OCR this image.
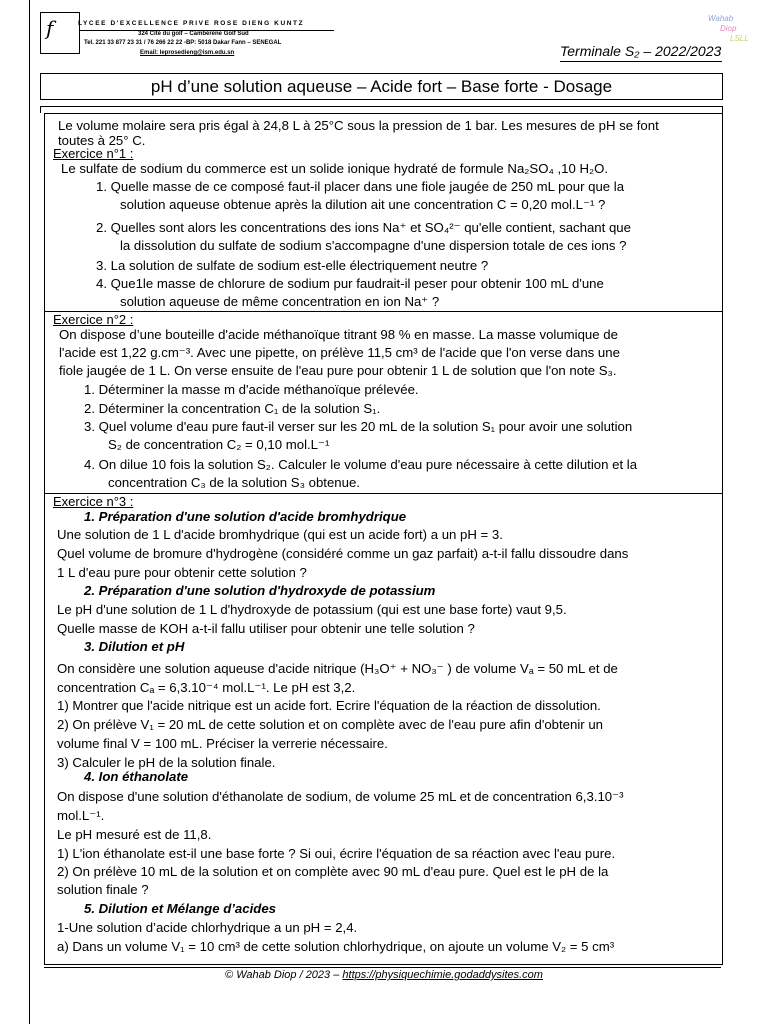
f	LYCEE D'EXCELLENCE PRIVE ROSE DIENG KUNTZ
324 Cité du golf – Cambérène Golf Sud
Tel. 221 33 877 23 31 / 76 266 22 22 -BP: 5018 Dakar Fann – SENEGAL
Email: leprosedieng@ism.edu.sn
Wahab
Diop
LSLL
Terminale S₂ – 2022/2023
pH d’une solution aqueuse – Acide fort – Base forte - Dosage
Le volume molaire sera pris égal à 24,8 L à 25°C sous la pression de 1 bar. Les mesures de pH se font
toutes à 25° C.
Exercice n°1 :
Le sulfate de sodium du commerce est un solide ionique hydraté de formule Na₂SO₄ ,10 H₂O.
1. Quelle masse de ce composé faut-il placer dans une fiole jaugée de 250 mL pour que la
solution aqueuse obtenue après la dilution ait une concentration C = 0,20 mol.L⁻¹ ?
2. Quelles sont alors les concentrations des ions Na⁺ et SO₄²⁻ qu'elle contient, sachant que
la dissolution du sulfate de sodium s'accompagne d'une dispersion totale de ces ions ?
3. La solution de sulfate de sodium est-elle électriquement neutre ?
4. Que1le masse de chlorure de sodium pur faudrait-il peser pour obtenir 100 mL d'une
solution aqueuse de même concentration en ion Na⁺ ?
Exercice n°2 :
On dispose d’une bouteille d'acide méthanoïque titrant 98 % en masse. La masse volumique de
l'acide est 1,22 g.cm⁻³. Avec une pipette, on prélève 11,5 cm³ de l'acide que l'on verse dans une
fiole jaugée de 1 L. On verse ensuite de l'eau pure pour obtenir 1 L de solution que l'on note S₃.
1. Déterminer la masse m d'acide méthanoïque prélevée.
2. Déterminer la concentration C₁ de la solution S₁.
3. Quel volume d'eau pure faut-il verser sur les 20 mL de la solution S₁ pour avoir une solution
S₂ de concentration C₂ = 0,10 mol.L⁻¹
4. On dilue 10 fois la solution S₂. Calculer le volume d'eau pure nécessaire à cette dilution et la
concentration C₃ de la solution S₃ obtenue.
Exercice n°3 :
1. Préparation d'une solution d'acide bromhydrique
Une solution de 1 L d'acide bromhydrique (qui est un acide fort) a un pH = 3.
Quel volume de bromure d'hydrogène (considéré comme un gaz parfait) a-t-il fallu dissoudre dans
1 L d'eau pure pour obtenir cette solution ?
2. Préparation d'une solution d'hydroxyde de potassium
Le pH d'une solution de 1 L d'hydroxyde de potassium (qui est une base forte) vaut 9,5.
Quelle masse de KOH a-t-il fallu utiliser pour obtenir une telle solution ?
3. Dilution et pH
On considère une solution aqueuse d'acide nitrique (H₃O⁺ + NO₃⁻ ) de volume Vₐ = 50 mL et de
concentration Cₐ = 6,3.10⁻⁴ mol.L⁻¹. Le pH est 3,2.
1) Montrer que l'acide nitrique est un acide fort. Ecrire l'équation de la réaction de dissolution.
2) On prélève V₁ = 20 mL de cette solution et on complète avec de l'eau pure afin d'obtenir un
volume final V = 100 mL. Préciser la verrerie nécessaire.
3) Calculer le pH de la solution finale.
4. Ion éthanolate
On dispose d'une solution d'éthanolate de sodium, de volume 25 mL et de concentration 6,3.10⁻³
mol.L⁻¹.
Le pH mesuré est de 11,8.
1) L'ion éthanolate est-il une base forte ? Si oui, écrire l'équation de sa réaction avec l'eau pure.
2) On prélève 10 mL de la solution et on complète avec 90 mL d'eau pure. Quel est le pH de la
solution finale ?
5. Dilution et Mélange d’acides
1-Une solution d’acide chlorhydrique a un pH = 2,4.
a) Dans un volume V₁ = 10 cm³ de cette solution chlorhydrique, on ajoute un volume V₂ = 5 cm³
© Wahab Diop / 2023 – https://physiquechimie.godaddysites.com
